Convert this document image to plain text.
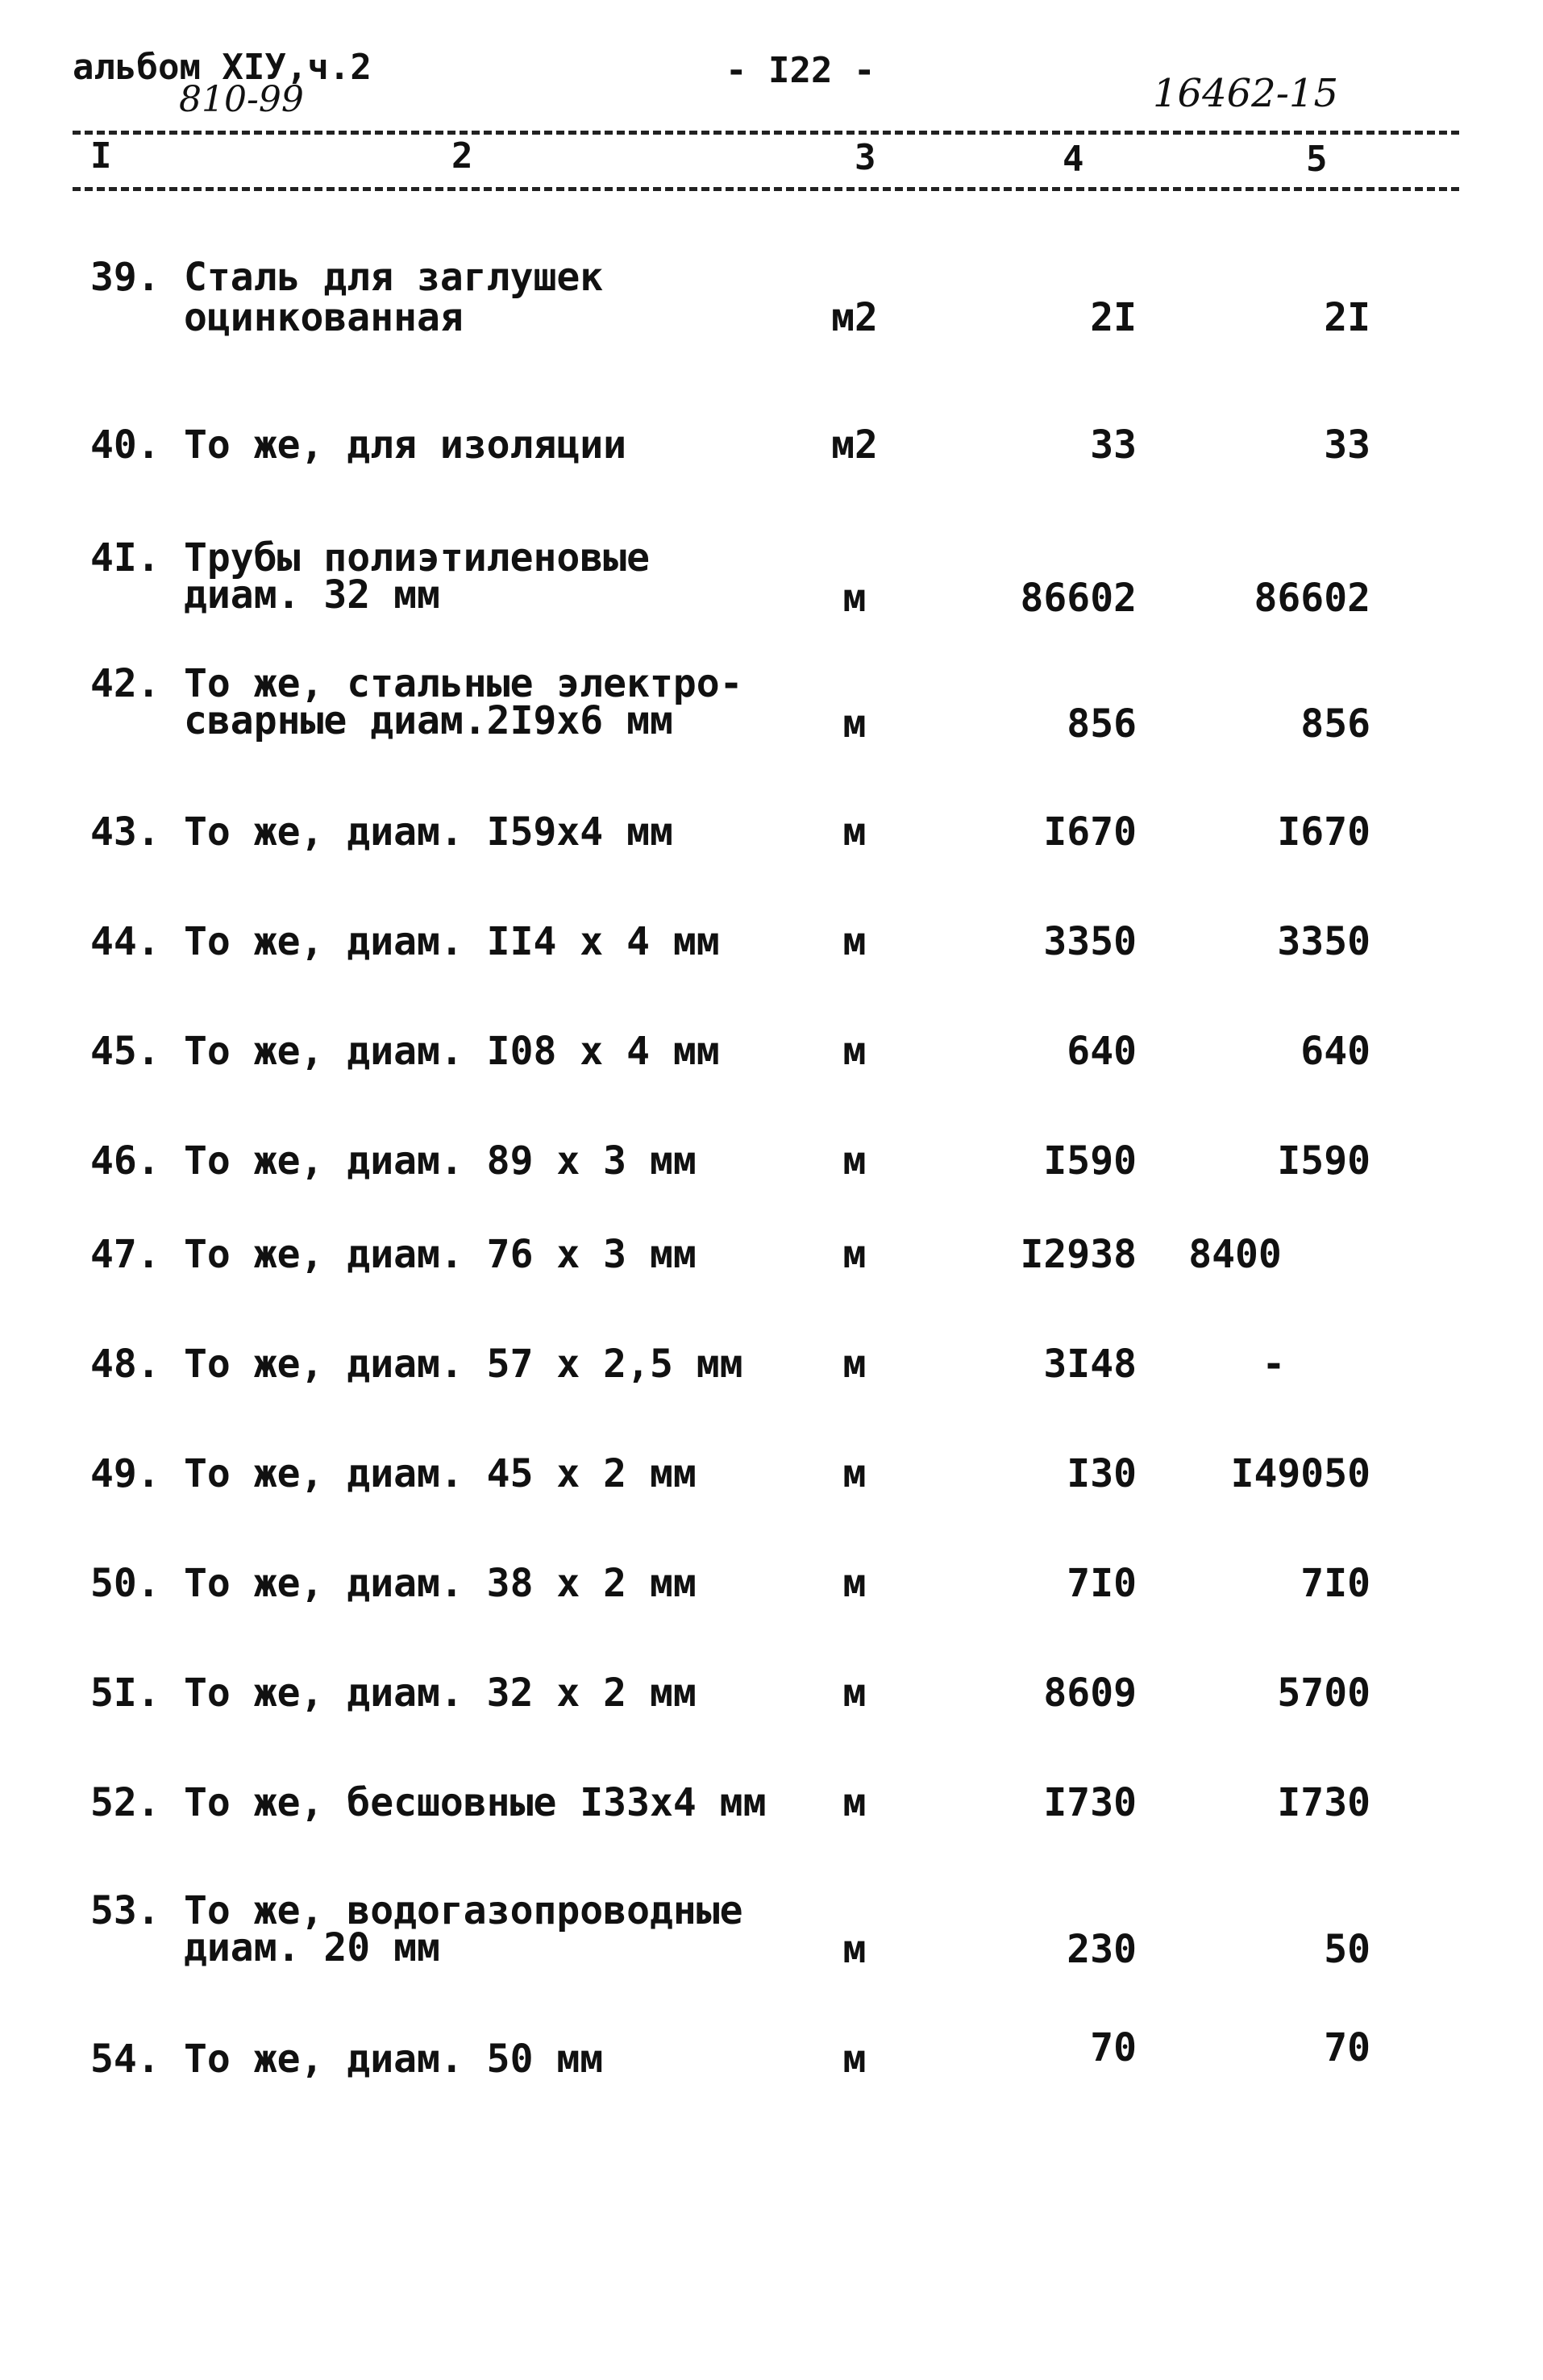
альбом XIУ,ч.2
810-99
- I22 -
16462-15
I	2	3	4	5
39. Сталь для заглушек
оцинкованная	м2	2I	2I
40. То же, для изоляции	м2	33	33
4I. Трубы полиэтиленовые
диам. 32 мм	м	86602	86602
42. То же, стальные электро-
сварные диам.2I9х6 мм	м	856	856
43. То же, диам. I59х4 мм	м	I670	I670
44. То же, диам. II4 х 4 мм	м	3350	3350
45. То же, диам. I08 х 4 мм	м	640	640
46. То же, диам. 89 х 3 мм	м	I590	I590
47. То же, диам. 76 х 3 мм	м	I2938	8400
48. То же, диам. 57 х 2,5 мм	м	3I48	-
49. То же, диам. 45 х 2 мм	м	I30	I49050
50. То же, диам. 38 х 2 мм	м	7I0	7I0
5I. То же, диам. 32 х 2 мм	м	8609	5700
52. То же, бесшовные I33х4 мм	м	I730	I730
53. То же, водогазопроводные
диам. 20 мм	м	230	50
54. То же, диам. 50 мм	м	70	70
